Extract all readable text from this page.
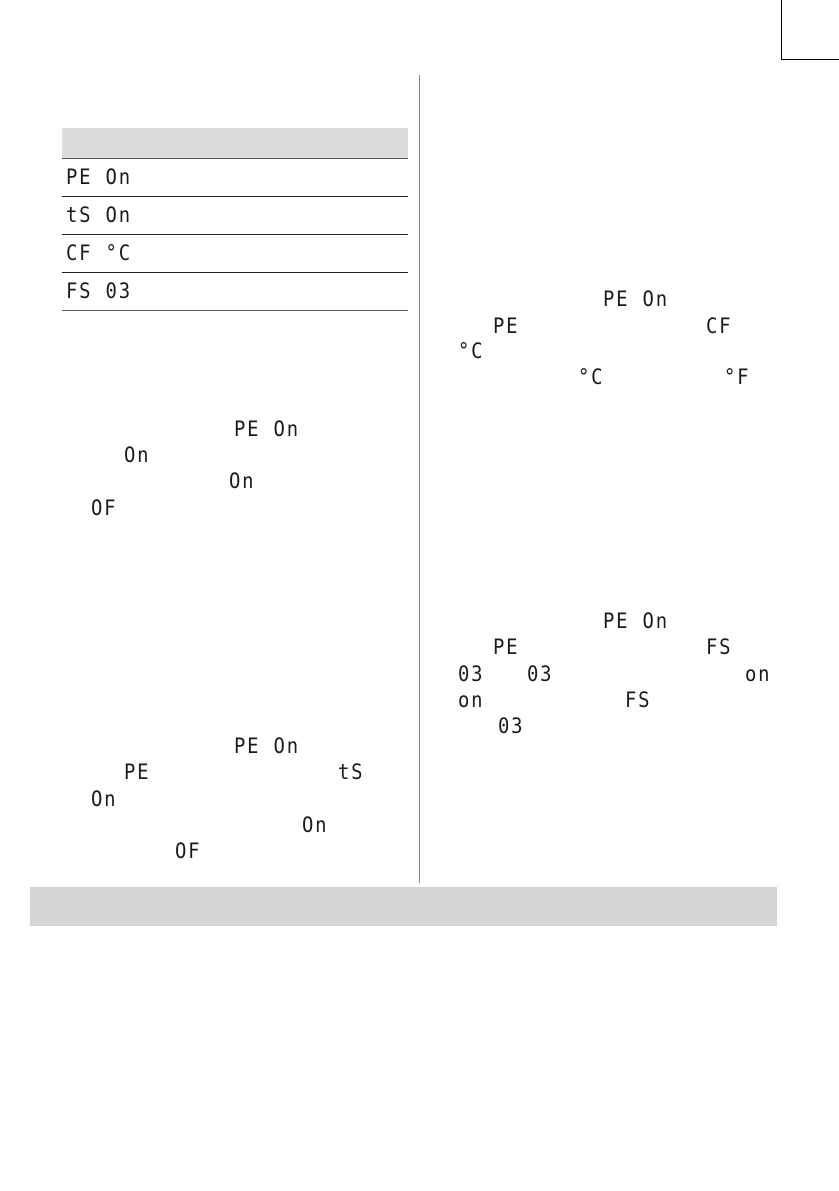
PE On
tS On
CF °C
FS 03
PE On
On
On
OF
PE On
PE	tS
On
On
OF
PE On
PE	CF
°C
°C	°F
PE On
PE	FS
03 03	on
on	FS
03
